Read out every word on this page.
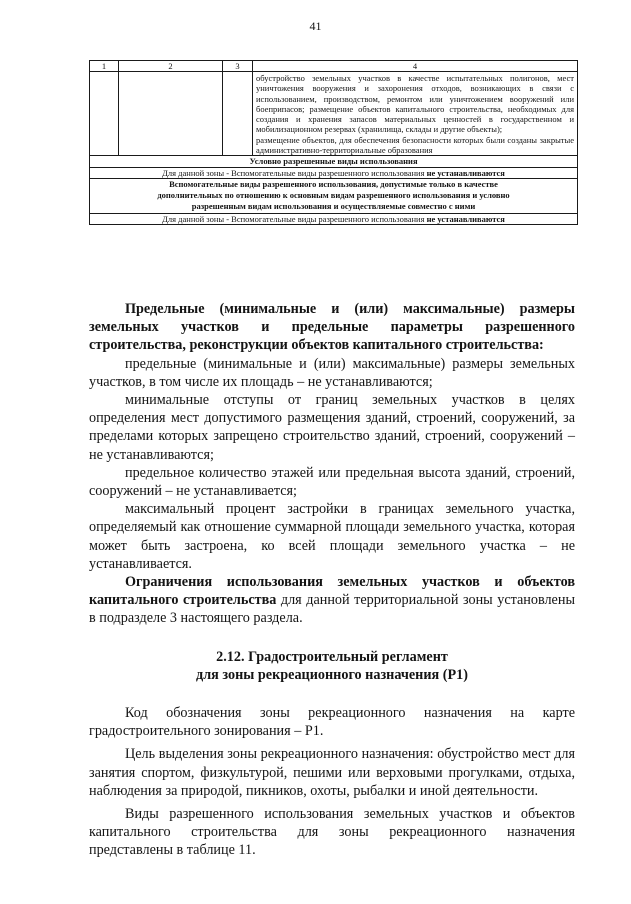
41
1	2	3	4
			обустройство земельных участков в качестве испытательных полигонов, мест уничтожения вооружения и захоронения отходов, возникающих в связи с использованием, производством, ремонтом или уничтожением вооружений или боеприпасов; размещение объектов капитального строительства, необходимых для создания и хранения запасов материальных ценностей в государственном и мобилизационном резервах (хранилища, склады и другие объекты);
размещение объектов, для обеспечения безопасности которых были созданы закрытые административно-территориальные образования
Условно разрешенные виды использования			
Для данной зоны - Вспомогательные виды разрешенного использования не устанавливаются			
Вспомогательные виды разрешенного использования, допустимые только в качестве
дополнительных по отношению к основным видам разрешенного использования и условно
разрешенным видам использования и осуществляемые совместно с ними			
Для данной зоны - Вспомогательные виды разрешенного использования не устанавливаются			

Предельные (минимальные и (или) максимальные) размеры земельных участков и предельные параметры разрешенного строительства, реконструкции объектов капитального строительства:

предельные (минимальные и (или) максимальные) размеры земельных участков, в том числе их площадь – не устанавливаются;

минимальные отступы от границ земельных участков в целях определения мест допустимого размещения зданий, строений, сооружений, за пределами которых запрещено строительство зданий, строений, сооружений – не устанавливаются;

предельное количество этажей или предельная высота зданий, строений, сооружений – не устанавливается;

максимальный процент застройки в границах земельного участка, определяемый как отношение суммарной площади земельного участка, которая может быть застроена, ко всей площади земельного участка – не устанавливается.

Ограничения использования земельных участков и объектов капитального строительства для данной территориальной зоны установлены в подразделе 3 настоящего раздела.

2.12. Градостроительный регламент
для зоны рекреационного назначения (Р1)

Код обозначения зоны рекреационного назначения на карте градостроительного зонирования – Р1.

Цель выделения зоны рекреационного назначения: обустройство мест для занятия спортом, физкультурой, пешими или верховыми прогулками, отдыха, наблюдения за природой, пикников, охоты, рыбалки и иной деятельности.

Виды разрешенного использования земельных участков и объектов капитального строительства для зоны рекреационного назначения представлены в таблице 11.
